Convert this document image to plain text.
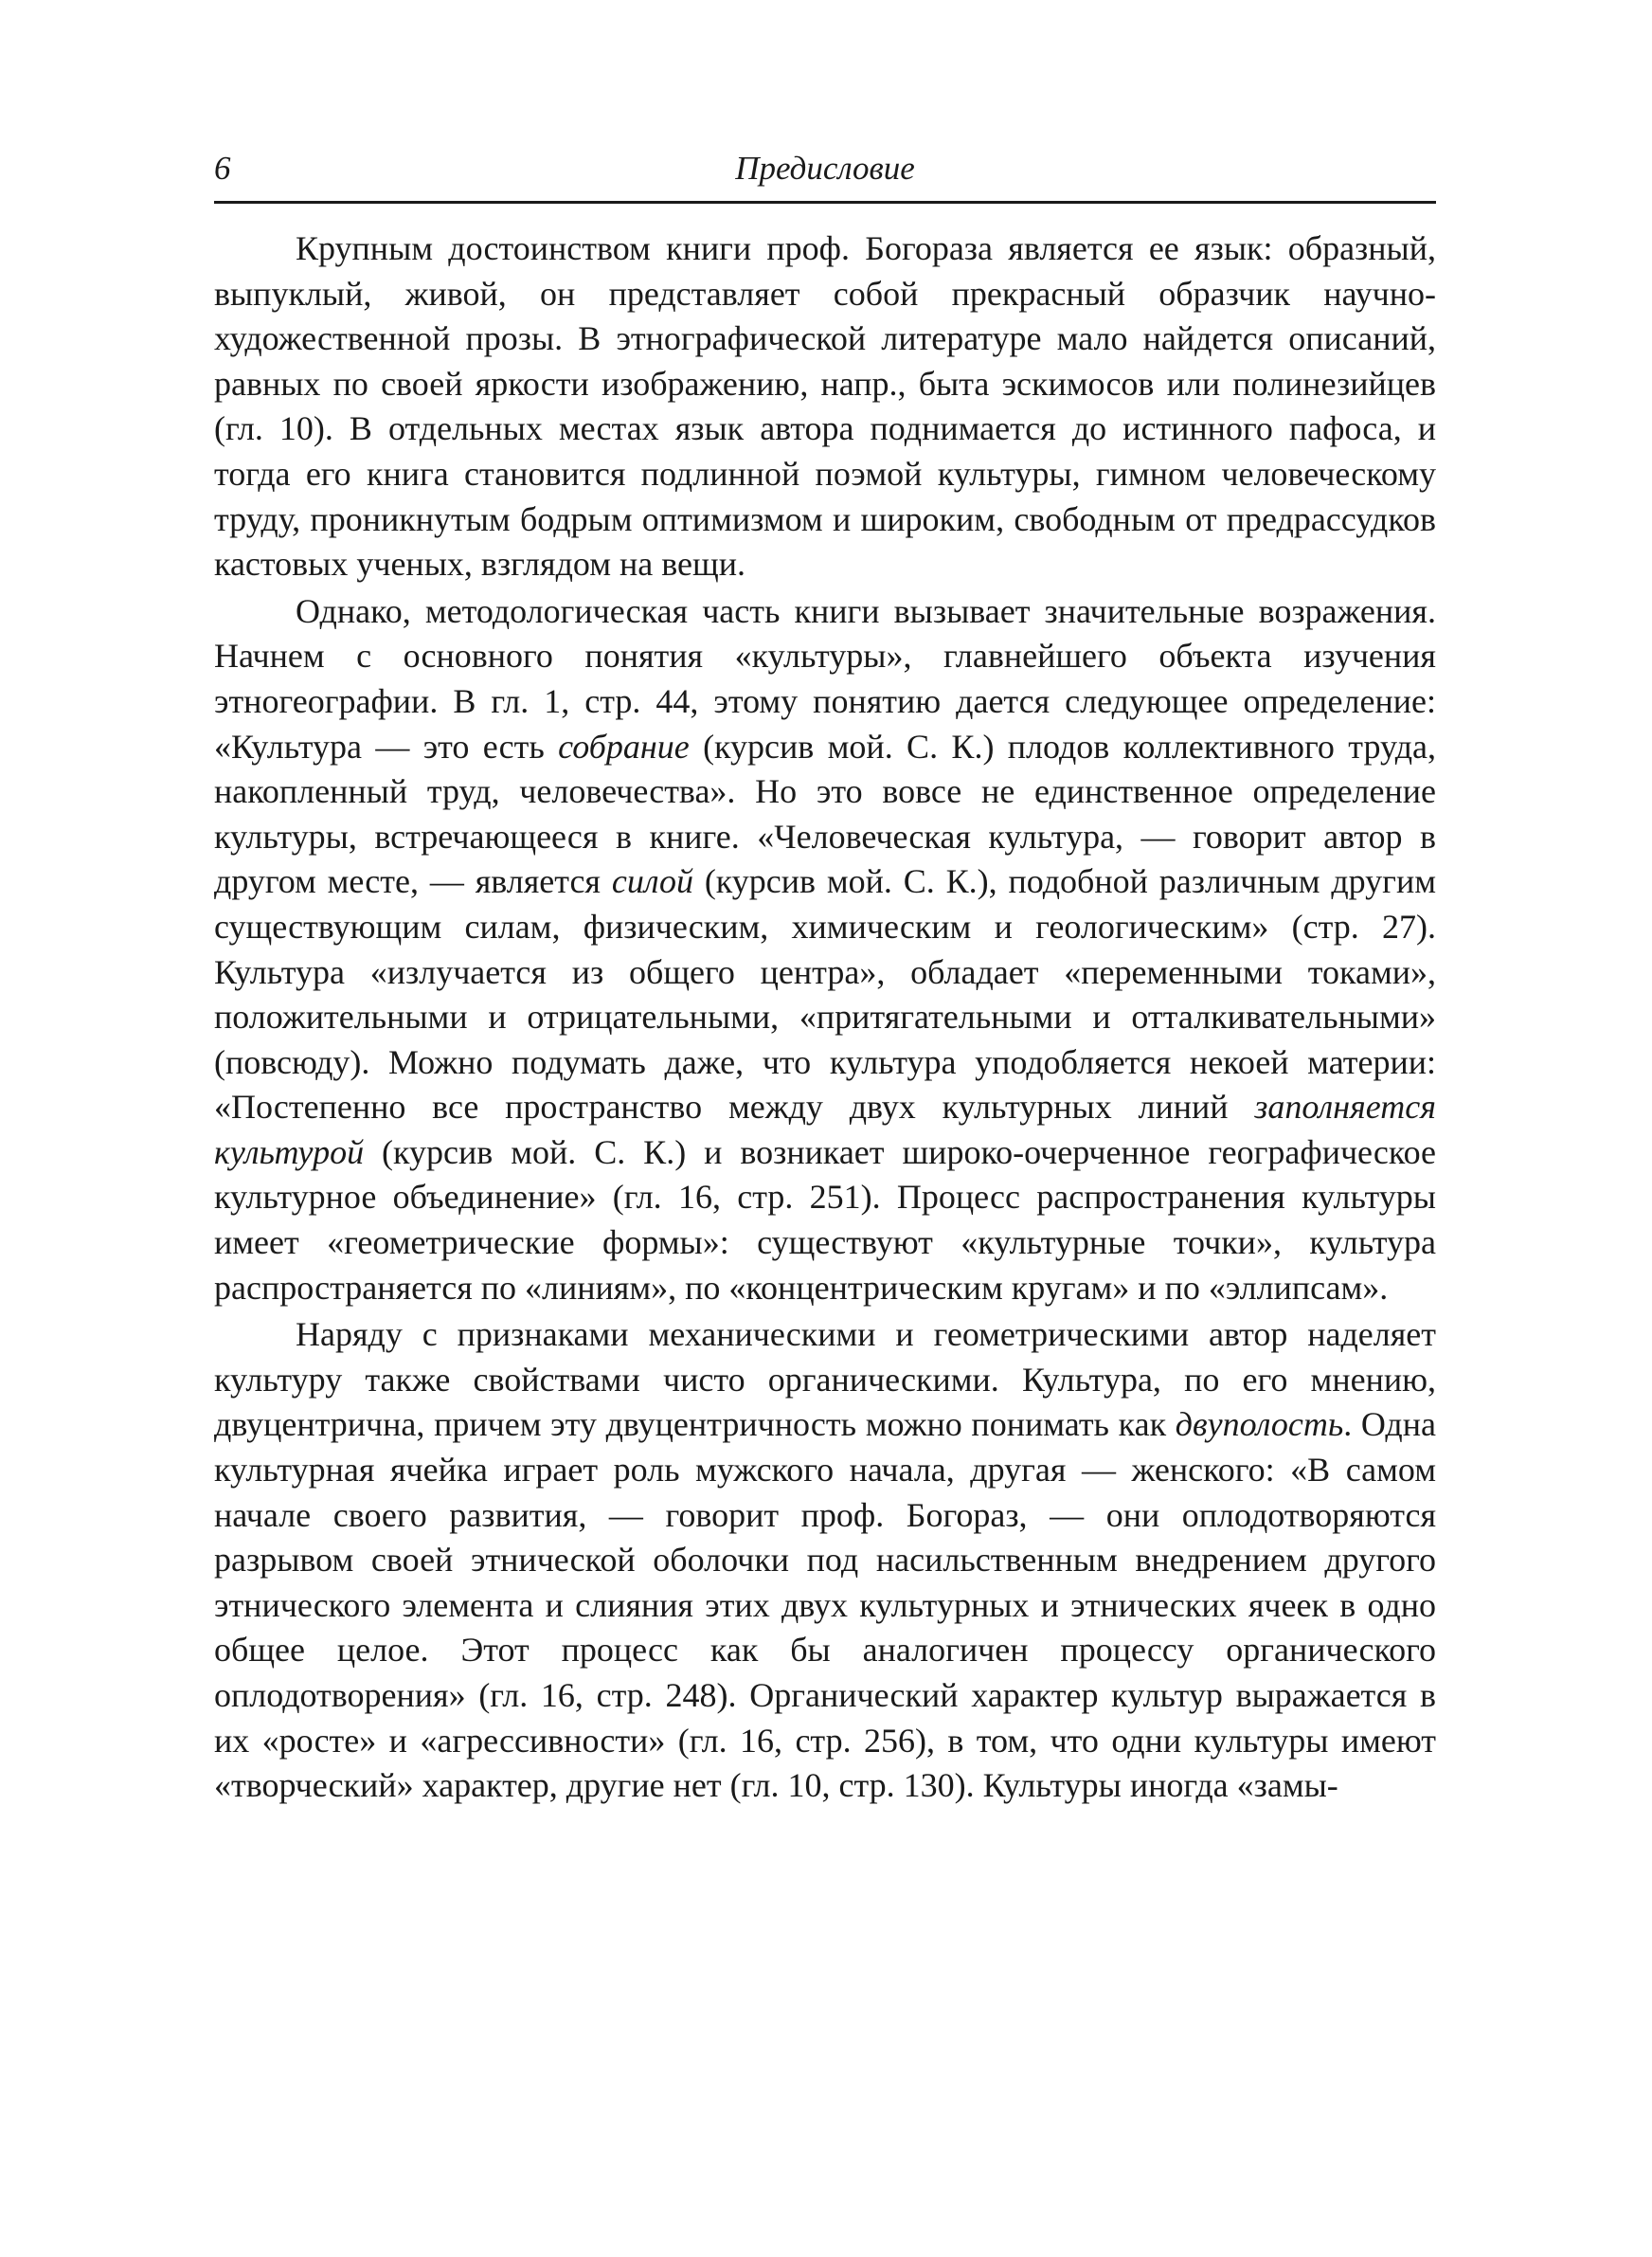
6	Предисловие

Крупным достоинством книги проф. Богораза является ее язык: образный, выпуклый, живой, он представляет собой прекрасный образчик научно-художественной прозы. В этнографической литературе мало найдется описаний, равных по своей яркости изображению, напр., быта эскимосов или полинезийцев (гл. 10). В отдельных местах язык автора поднимается до истинного пафоса, и тогда его книга становится подлинной поэмой культуры, гимном человеческому труду, проникнутым бодрым оптимизмом и широким, свободным от предрассудков кастовых ученых, взглядом на вещи.

Однако, методологическая часть книги вызывает значительные возражения. Начнем с основного понятия «культуры», главнейшего объекта изучения этногеографии. В гл. 1, стр. 44, этому понятию дается следующее определение: «Культура — это есть собрание (курсив мой. С. К.) плодов коллективного труда, накопленный труд, человечества». Но это вовсе не единственное определение культуры, встречающееся в книге. «Человеческая культура, — говорит автор в другом месте, — является силой (курсив мой. С. К.), подобной различным другим существующим силам, физическим, химическим и геологическим» (стр. 27). Культура «излучается из общего центра», обладает «переменными токами», положительными и отрицательными, «притягательными и отталкивательными» (повсюду). Можно подумать даже, что культура уподобляется некоей материи: «Постепенно все пространство между двух культурных линий заполняется культурой (курсив мой. С. К.) и возникает широко-очерченное географическое культурное объединение» (гл. 16, стр. 251). Процесс распространения культуры имеет «геометрические формы»: существуют «культурные точки», культура распространяется по «линиям», по «концентрическим кругам» и по «эллипсам».

Наряду с признаками механическими и геометрическими автор наделяет культуру также свойствами чисто органическими. Культура, по его мнению, двуцентрична, причем эту двуцентричность можно понимать как двуполость. Одна культурная ячейка играет роль мужского начала, другая — женского: «В самом начале своего развития, — говорит проф. Богораз, — они оплодотворяются разрывом своей этнической оболочки под насильственным внедрением другого этнического элемента и слияния этих двух культурных и этнических ячеек в одно общее целое. Этот процесс как бы аналогичен процессу органического оплодотворения» (гл. 16, стр. 248). Органический характер культур выражается в их «росте» и «агрессивности» (гл. 16, стр. 256), в том, что одни культуры имеют «творческий» характер, другие нет (гл. 10, стр. 130). Культуры иногда «замы-
